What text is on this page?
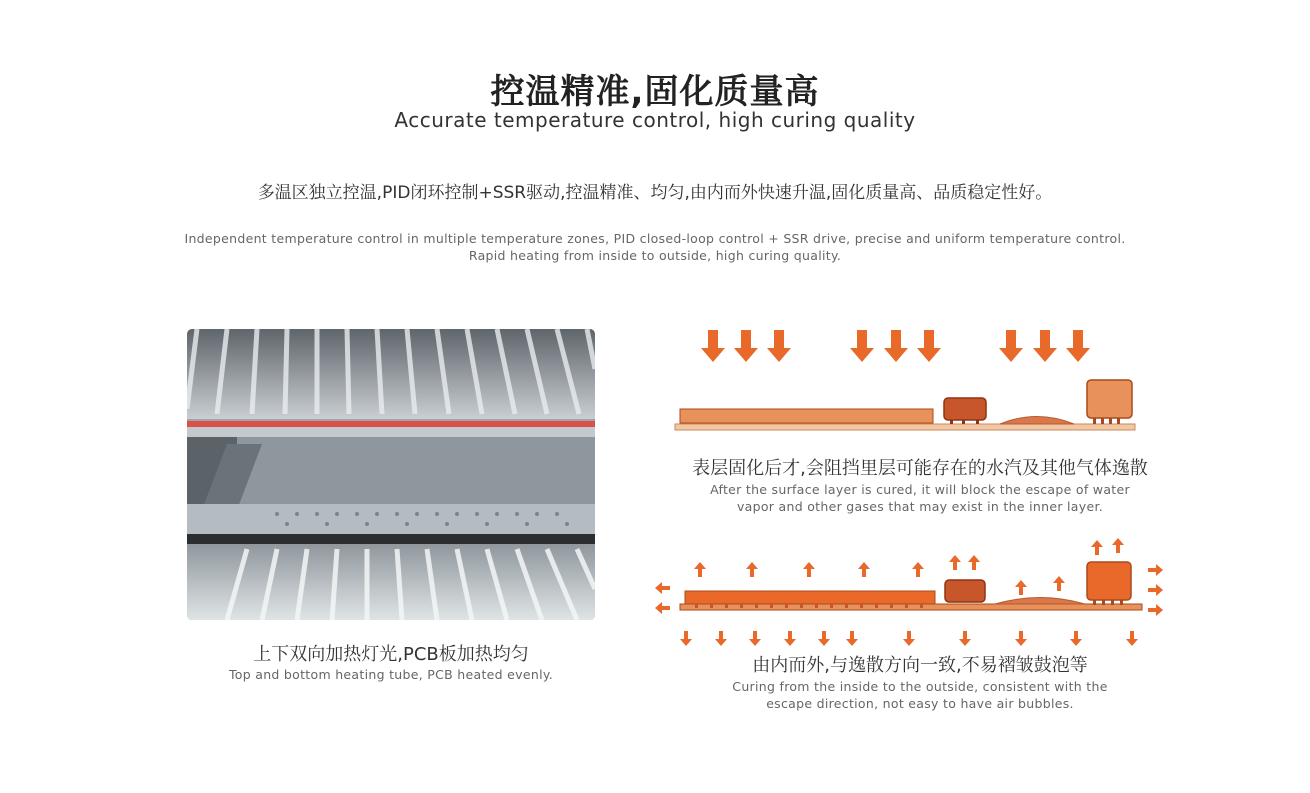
控温精准,固化质量高
Accurate temperature control, high curing quality
多温区独立控温,PID闭环控制+SSR驱动,控温精准、均匀,由内而外快速升温,固化质量高、品质稳定性好。
Independent temperature control in multiple temperature zones, PID closed-loop control + SSR drive, precise and uniform temperature control.
Rapid heating from inside to outside, high curing quality.
上下双向加热灯光,PCB板加热均匀
Top and bottom heating tube, PCB heated evenly.
表层固化后才,会阻挡里层可能存在的水汽及其他气体逸散
After the surface layer is cured, it will block the escape of water
vapor and other gases that may exist in the inner layer.
由内而外,与逸散方向一致,不易褶皱鼓泡等
Curing from the inside to the outside, consistent with the
escape direction, not easy to have air bubbles.
